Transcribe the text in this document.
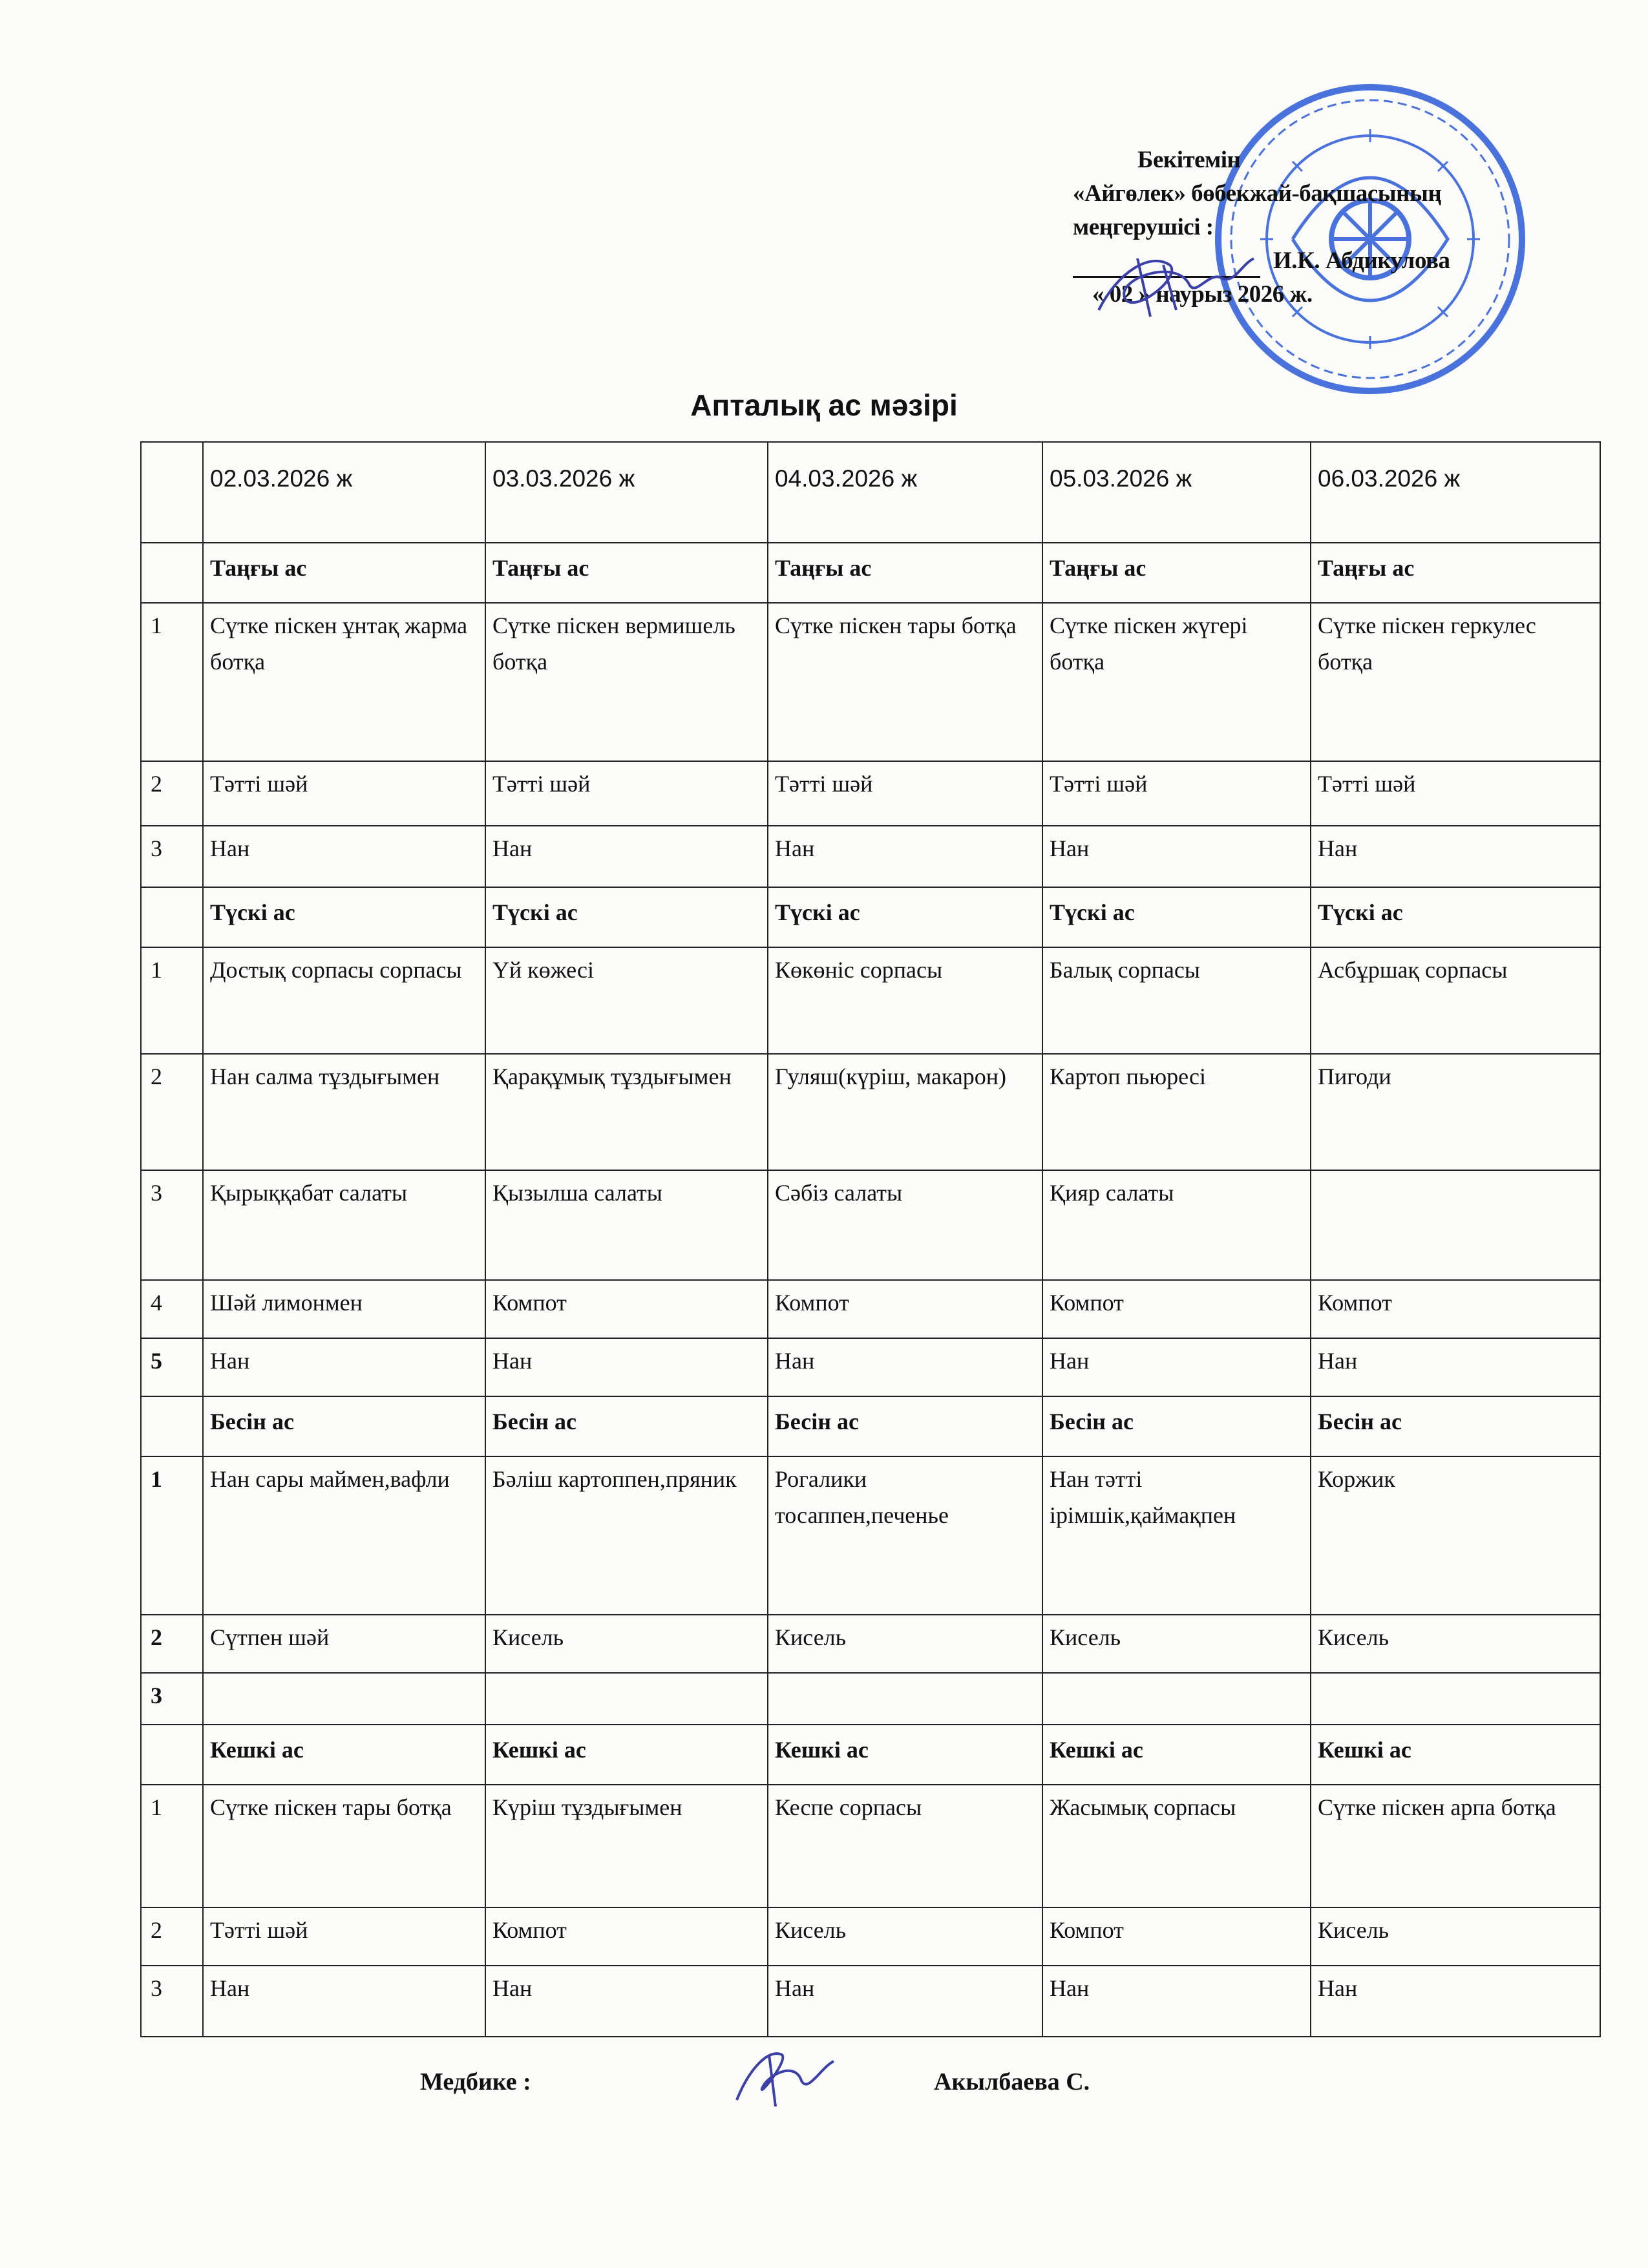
Бекітемін
«Айгөлек» бөбекжай-бақшасының
меңгерушісі :
И.К. Абдикулова
« 02 » наурыз 2026 ж.
Апталық ас мәзірі
	02.03.2026 ж	03.03.2026 ж	04.03.2026 ж	05.03.2026 ж	06.03.2026 ж
	Таңғы ас	Таңғы ас	Таңғы ас	Таңғы ас	Таңғы ас
1	Сүтке піскен ұнтақ жарма ботқа	Сүтке піскен вермишель ботқа	Сүтке піскен тары ботқа	Сүтке піскен жүгері ботқа	Сүтке піскен геркулес ботқа
2	Тәтті шәй	Тәтті шәй	Тәтті шәй	Тәтті шәй	Тәтті шәй
3	Нан	Нан	Нан	Нан	Нан
	Түскі ас	Түскі ас	Түскі ас	Түскі ас	Түскі ас
1	Достық сорпасы сорпасы	Үй көжесі	Көкөніс сорпасы	Балық сорпасы	Асбұршақ сорпасы
2	Нан салма тұздығымен	Қарақұмық тұздығымен	Гуляш(күріш, макарон)	Картоп пьюресі	Пигоди
3	Қырыққабат салаты	Қызылша салаты	Сәбіз салаты	Қияр салаты	
4	Шәй лимонмен	Компот	Компот	Компот	Компот
5	Нан	Нан	Нан	Нан	Нан
	Бесін ас	Бесін ас	Бесін ас	Бесін ас	Бесін ас
1	Нан сары маймен,вафли	Бәліш картоппен,пряник	Рогалики тосаппен,печенье	Нан тәтті ірімшік,қаймақпен	Коржик
2	Сүтпен шәй	Кисель	Кисель	Кисель	Кисель
3					
	Кешкі ас	Кешкі ас	Кешкі ас	Кешкі ас	Кешкі ас
1	Сүтке піскен тары ботқа	Күріш тұздығымен	Кеспе сорпасы	Жасымық сорпасы	Сүтке піскен арпа ботқа
2	Тәтті шәй	Компот	Кисель	Компот	Кисель
3	Нан	Нан	Нан	Нан	Нан
Медбике :	Акылбаева С.
